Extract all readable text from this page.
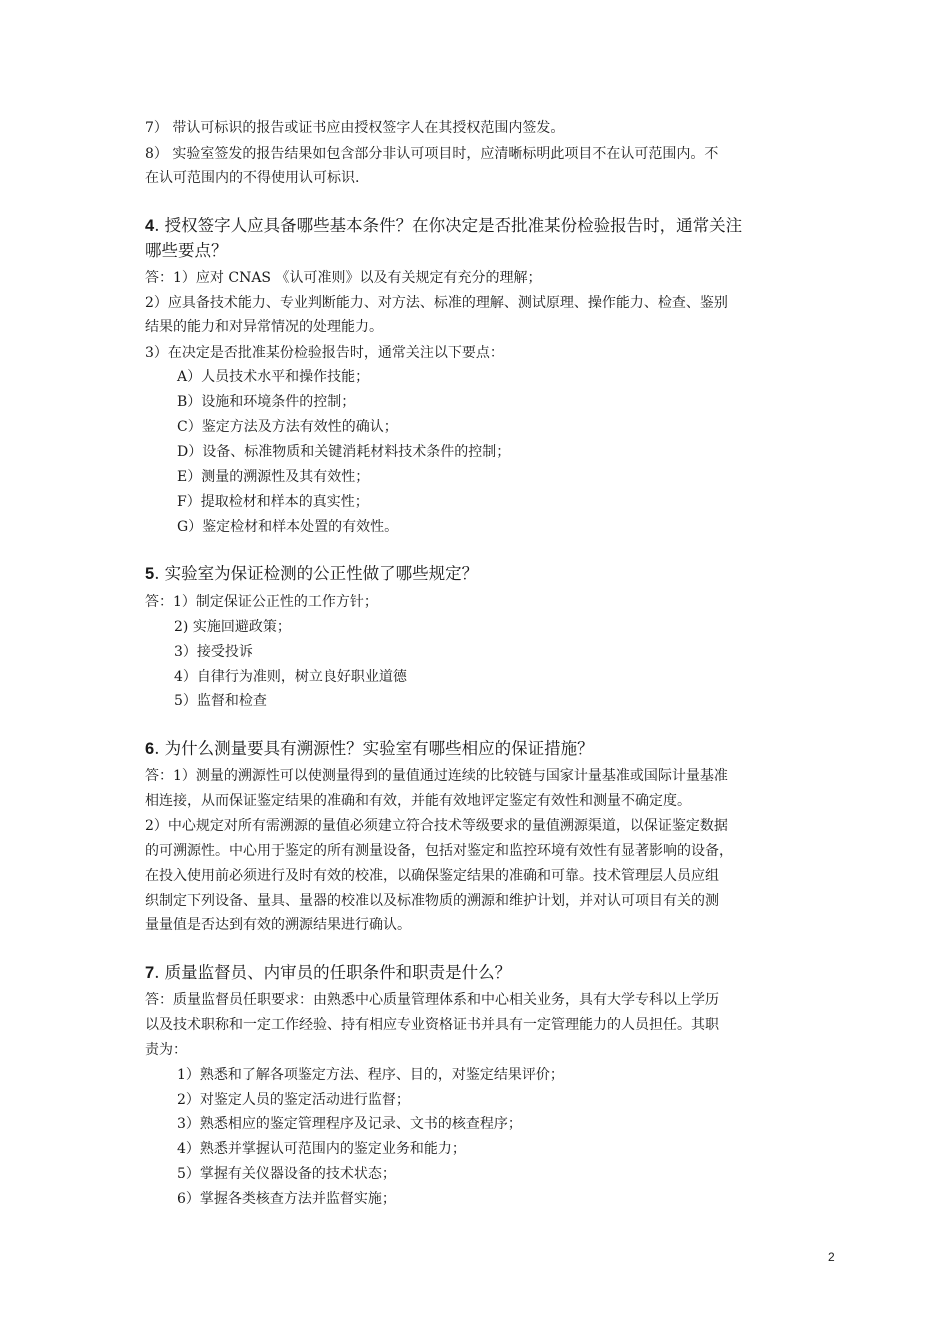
7） 带认可标识的报告或证书应由授权签字人在其授权范围内签发。
8） 实验室签发的报告结果如包含部分非认可项目时，应清晰标明此项目不在认可范围内。不
在认可范围内的不得使用认可标识.
4. 授权签字人应具备哪些基本条件？在你决定是否批准某份检验报告时，通常关注
哪些要点？
答：1）应对 CNAS 《认可准则》以及有关规定有充分的理解；
2）应具备技术能力、专业判断能力、对方法、标准的理解、测试原理、操作能力、检查、鉴别
结果的能力和对异常情况的处理能力。
3）在决定是否批准某份检验报告时，通常关注以下要点：
A）人员技术水平和操作技能；
B）设施和环境条件的控制；
C）鉴定方法及方法有效性的确认；
D）设备、标准物质和关键消耗材料技术条件的控制；
E）测量的溯源性及其有效性；
F）提取检材和样本的真实性；
G）鉴定检材和样本处置的有效性。
5. 实验室为保证检测的公正性做了哪些规定？
答：1）制定保证公正性的工作方针；
2) 实施回避政策；
3）接受投诉
4）自律行为准则，树立良好职业道德
5）监督和检查
6. 为什么测量要具有溯源性？实验室有哪些相应的保证措施？
答：1）测量的溯源性可以使测量得到的量值通过连续的比较链与国家计量基准或国际计量基准
相连接，从而保证鉴定结果的准确和有效，并能有效地评定鉴定有效性和测量不确定度。
2）中心规定对所有需溯源的量值必须建立符合技术等级要求的量值溯源渠道，以保证鉴定数据
的可溯源性。中心用于鉴定的所有测量设备，包括对鉴定和监控环境有效性有显著影响的设备，
在投入使用前必须进行及时有效的校准，以确保鉴定结果的准确和可靠。技术管理层人员应组
织制定下列设备、量具、量器的校准以及标准物质的溯源和维护计划，并对认可项目有关的测
量量值是否达到有效的溯源结果进行确认。
7. 质量监督员、内审员的任职条件和职责是什么？
答：质量监督员任职要求：由熟悉中心质量管理体系和中心相关业务，具有大学专科以上学历
以及技术职称和一定工作经验、持有相应专业资格证书并具有一定管理能力的人员担任。其职
责为：
1）熟悉和了解各项鉴定方法、程序、目的，对鉴定结果评价；
2）对鉴定人员的鉴定活动进行监督；
3）熟悉相应的鉴定管理程序及记录、文书的核查程序；
4）熟悉并掌握认可范围内的鉴定业务和能力；
5）掌握有关仪器设备的技术状态；
6）掌握各类核查方法并监督实施；
2
